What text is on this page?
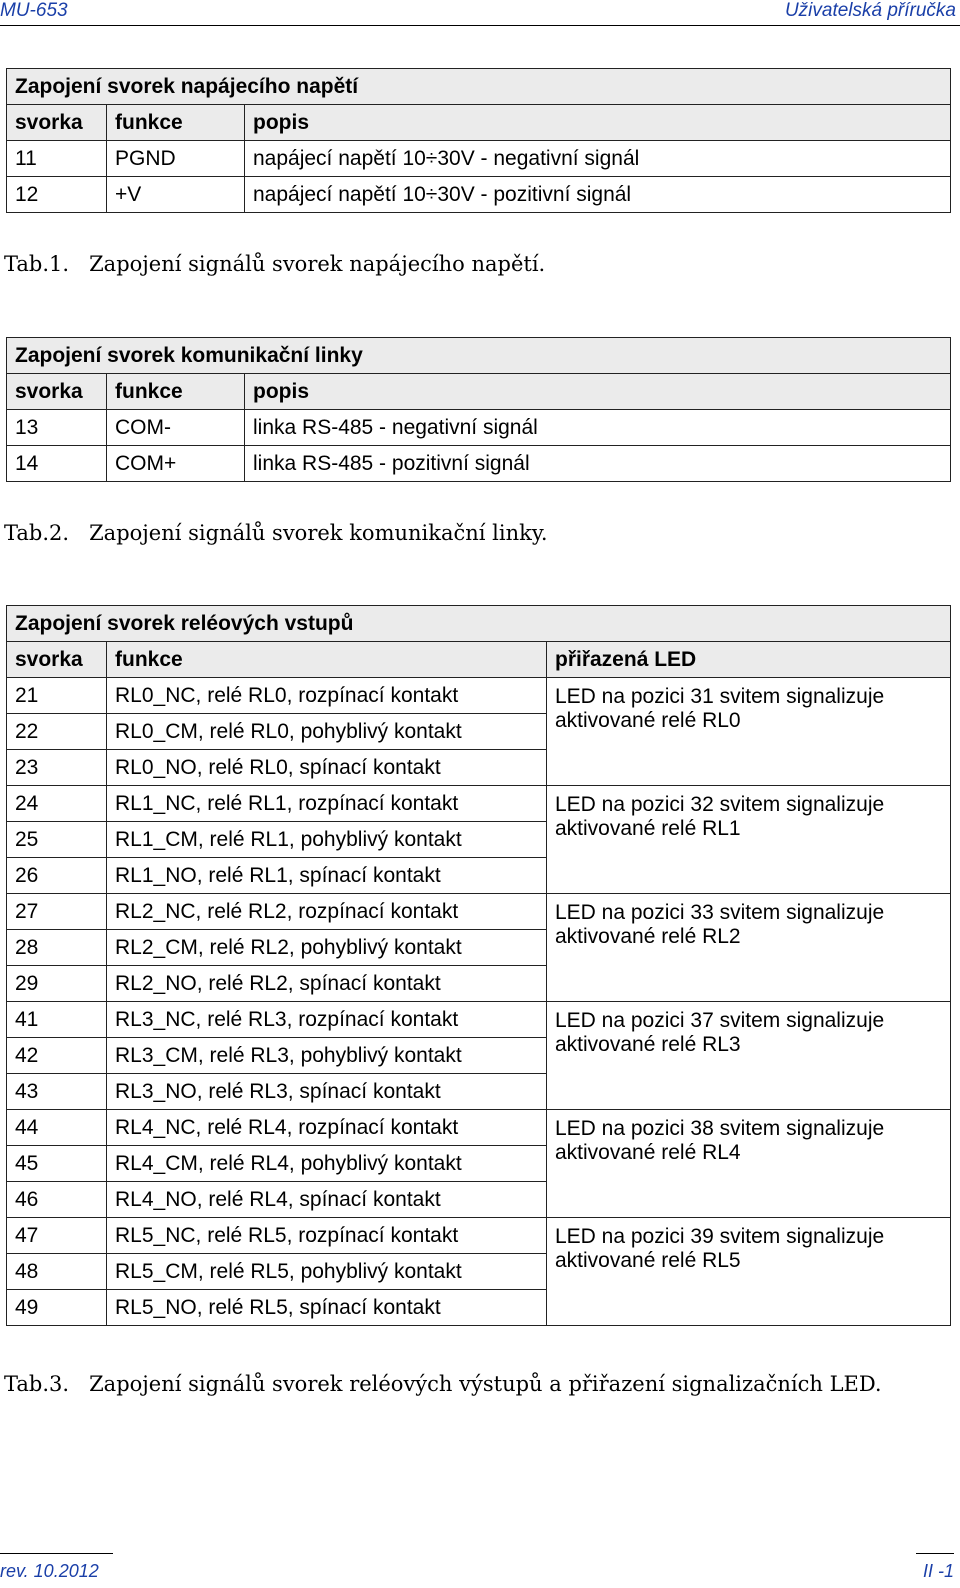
MU-653	Uživatelská příručka
Zapojení svorek napájecího napětí		
svorka	funkce	popis
11	PGND	napájecí napětí 10÷30V - negativní signál
12	+V	napájecí napětí 10÷30V - pozitivní signál
Tab.1. Zapojení signálů svorek napájecího napětí.
Zapojení svorek komunikační linky		
svorka	funkce	popis
13	COM-	linka RS-485 - negativní signál
14	COM+	linka RS-485 - pozitivní signál
Tab.2. Zapojení signálů svorek komunikační linky.
Zapojení svorek reléových vstupů		
svorka	funkce	přiřazená LED
21	RL0_NC, relé RL0, rozpínací kontakt	LED na pozici 31 svitem signalizuje aktivované relé RL0
22	RL0_CM, relé RL0, pohyblivý kontakt	
23	RL0_NO, relé RL0, spínací kontakt	
24	RL1_NC, relé RL1, rozpínací kontakt	LED na pozici 32 svitem signalizuje aktivované relé RL1
25	RL1_CM, relé RL1, pohyblivý kontakt	
26	RL1_NO, relé RL1, spínací kontakt	
27	RL2_NC, relé RL2, rozpínací kontakt	LED na pozici 33 svitem signalizuje aktivované relé RL2
28	RL2_CM, relé RL2, pohyblivý kontakt	
29	RL2_NO, relé RL2, spínací kontakt	
41	RL3_NC, relé RL3, rozpínací kontakt	LED na pozici 37 svitem signalizuje aktivované relé RL3
42	RL3_CM, relé RL3, pohyblivý kontakt	
43	RL3_NO, relé RL3, spínací kontakt	
44	RL4_NC, relé RL4, rozpínací kontakt	LED na pozici 38 svitem signalizuje aktivované relé RL4
45	RL4_CM, relé RL4, pohyblivý kontakt	
46	RL4_NO, relé RL4, spínací kontakt	
47	RL5_NC, relé RL5, rozpínací kontakt	LED na pozici 39 svitem signalizuje aktivované relé RL5
48	RL5_CM, relé RL5, pohyblivý kontakt	
49	RL5_NO, relé RL5, spínací kontakt	
Tab.3. Zapojení signálů svorek reléových výstupů a přiřazení signalizačních LED.
rev. 10.2012	II -1
